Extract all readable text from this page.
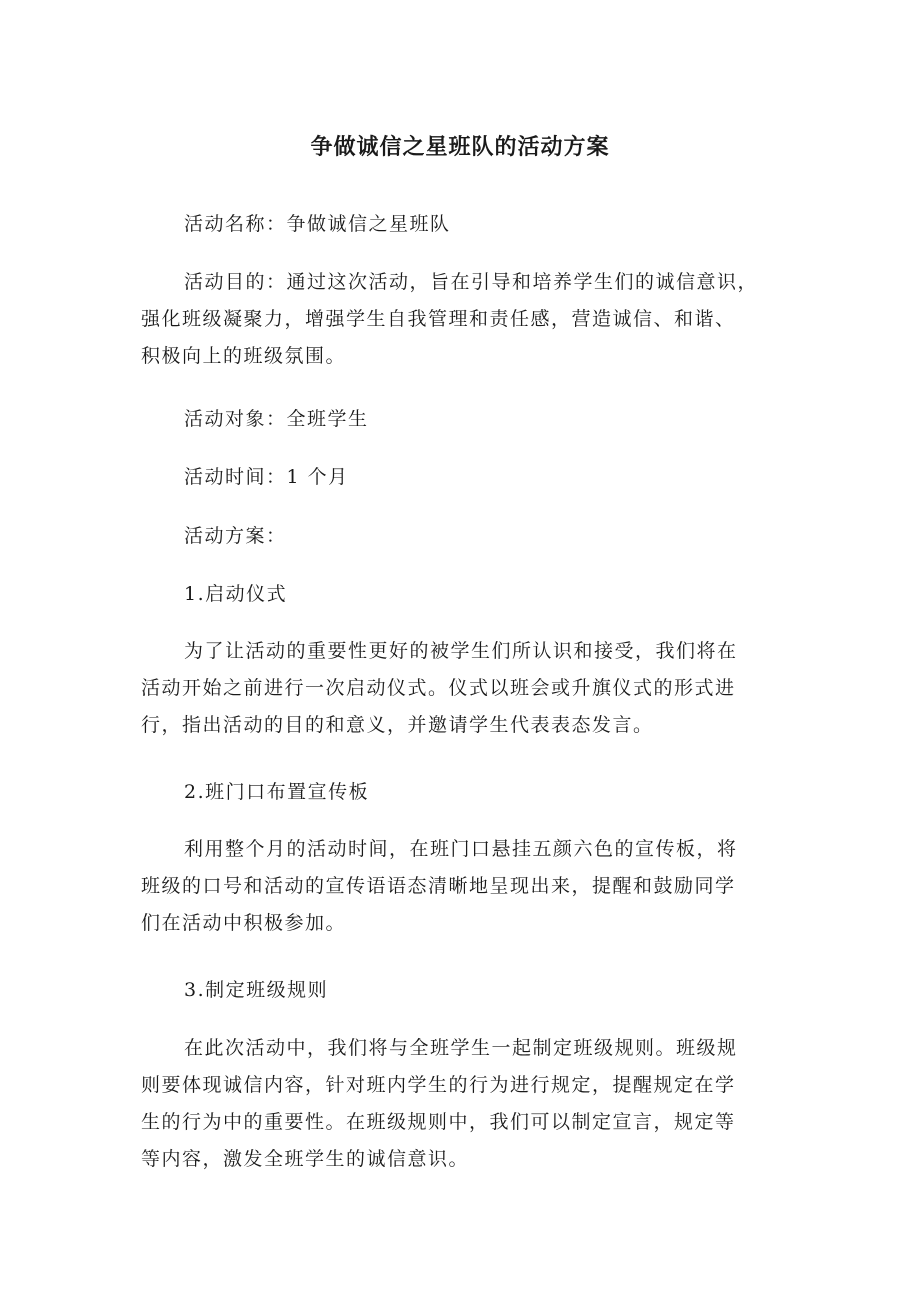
zixin
争做诚信之星班队的活动方案

活动名称：争做诚信之星班队

活动目的：通过这次活动，旨在引导和培养学生们的诚信意识，
强化班级凝聚力，增强学生自我管理和责任感，营造诚信、和谐、
积极向上的班级氛围。

活动对象：全班学生

活动时间：1 个月

活动方案：

1.启动仪式

为了让活动的重要性更好的被学生们所认识和接受，我们将在
活动开始之前进行一次启动仪式。仪式以班会或升旗仪式的形式进
行，指出活动的目的和意义，并邀请学生代表表态发言。

2.班门口布置宣传板

利用整个月的活动时间，在班门口悬挂五颜六色的宣传板，将
班级的口号和活动的宣传语语态清晰地呈现出来，提醒和鼓励同学
们在活动中积极参加。

3.制定班级规则

在此次活动中，我们将与全班学生一起制定班级规则。班级规
则要体现诚信内容，针对班内学生的行为进行规定，提醒规定在学
生的行为中的重要性。在班级规则中，我们可以制定宣言，规定等
等内容，激发全班学生的诚信意识。
